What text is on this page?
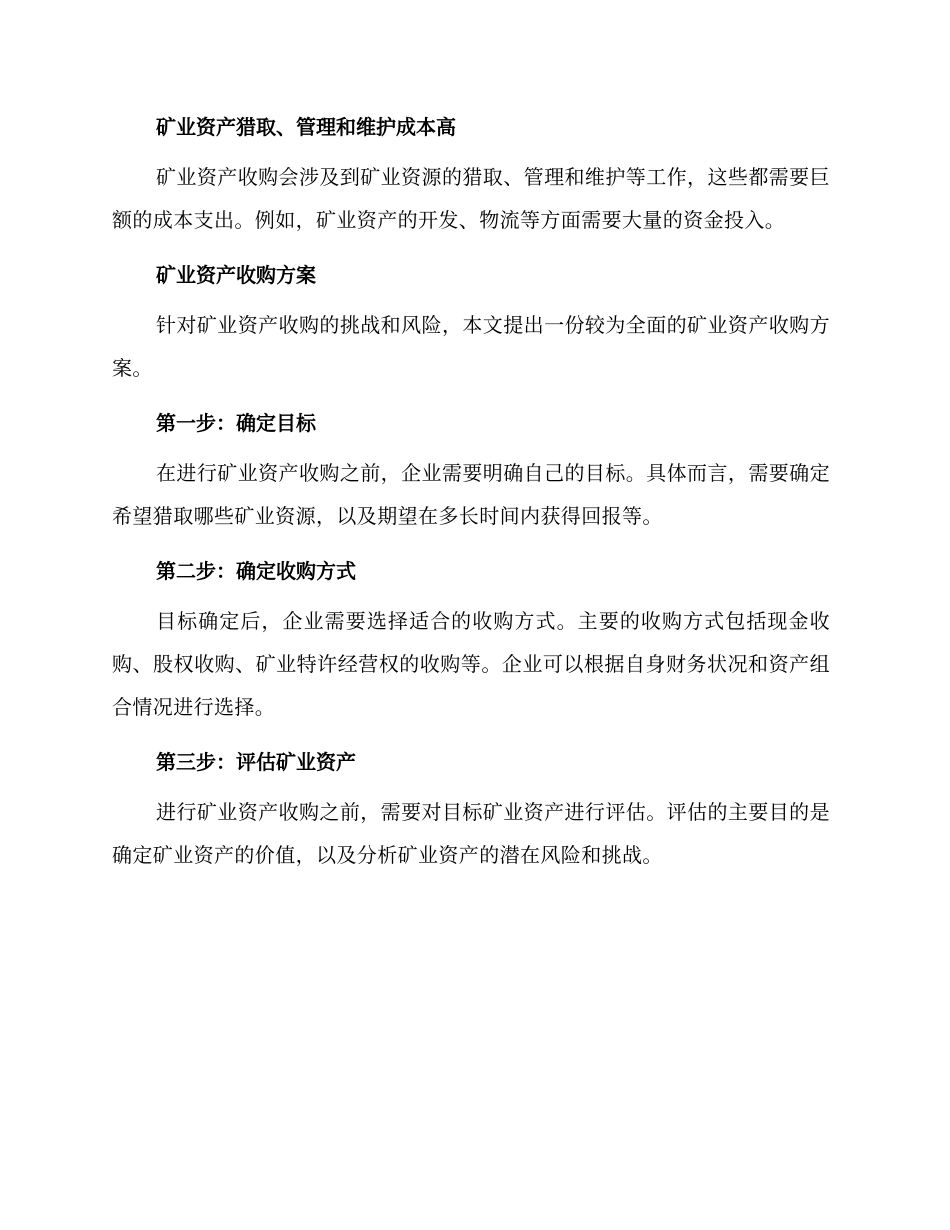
矿业资产猎取、管理和维护成本高

矿业资产收购会涉及到矿业资源的猎取、管理和维护等工作，这些都需要巨额的成本支出。例如，矿业资产的开发、物流等方面需要大量的资金投入。

矿业资产收购方案

针对矿业资产收购的挑战和风险，本文提出一份较为全面的矿业资产收购方案。

第一步：确定目标

在进行矿业资产收购之前，企业需要明确自己的目标。具体而言，需要确定希望猎取哪些矿业资源，以及期望在多长时间内获得回报等。

第二步：确定收购方式

目标确定后，企业需要选择适合的收购方式。主要的收购方式包括现金收购、股权收购、矿业特许经营权的收购等。企业可以根据自身财务状况和资产组合情况进行选择。

第三步：评估矿业资产

进行矿业资产收购之前，需要对目标矿业资产进行评估。评估的主要目的是确定矿业资产的价值，以及分析矿业资产的潜在风险和挑战。
